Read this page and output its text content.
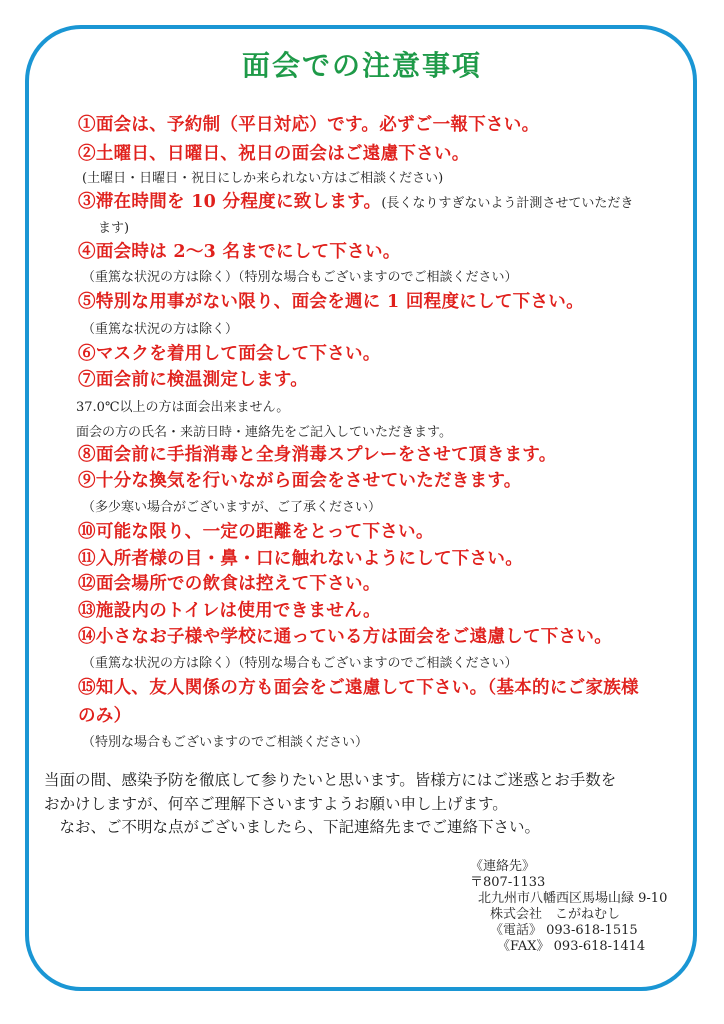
面会での注意事項
①面会は、予約制（平日対応）です。必ずご一報下さい。
②土曜日、日曜日、祝日の面会はご遠慮下さい。
(土曜日・日曜日・祝日にしか来られない方はご相談ください)
③滞在時間を 10 分程度に致します。(長くなりすぎないよう計測させていただき
ます)
④面会時は 2～3 名までにして下さい。
（重篤な状況の方は除く）（特別な場合もございますのでご相談ください）
⑤特別な用事がない限り、面会を週に 1 回程度にして下さい。
（重篤な状況の方は除く）
⑥マスクを着用して面会して下さい。
⑦面会前に検温測定します。
37.0℃以上の方は面会出来ません。
面会の方の氏名・来訪日時・連絡先をご記入していただきます。
⑧面会前に手指消毒と全身消毒スプレーをさせて頂きます。
⑨十分な換気を行いながら面会をさせていただきます。
（多少寒い場合がございますが、ご了承ください）
⑩可能な限り、一定の距離をとって下さい。
⑪入所者様の目・鼻・口に触れないようにして下さい。
⑫面会場所での飲食は控えて下さい。
⑬施設内のトイレは使用できません。
⑭小さなお子様や学校に通っている方は面会をご遠慮して下さい。
（重篤な状況の方は除く）（特別な場合もございますのでご相談ください）
⑮知人、友人関係の方も面会をご遠慮して下さい。（基本的にご家族様
のみ）
（特別な場合もございますのでご相談ください）

当面の間、感染予防を徹底して参りたいと思います。皆様方にはご迷惑とお手数を

おかけしますが、何卒ご理解下さいますようお願い申し上げます。

　なお、ご不明な点がございましたら、下記連絡先までご連絡下さい。

《連絡先》
〒807-1133
北九州市八幡西区馬場山緑 9-10
株式会社　こがねむし
《電話》 093-618-1515
《FAX》 093-618-1414
